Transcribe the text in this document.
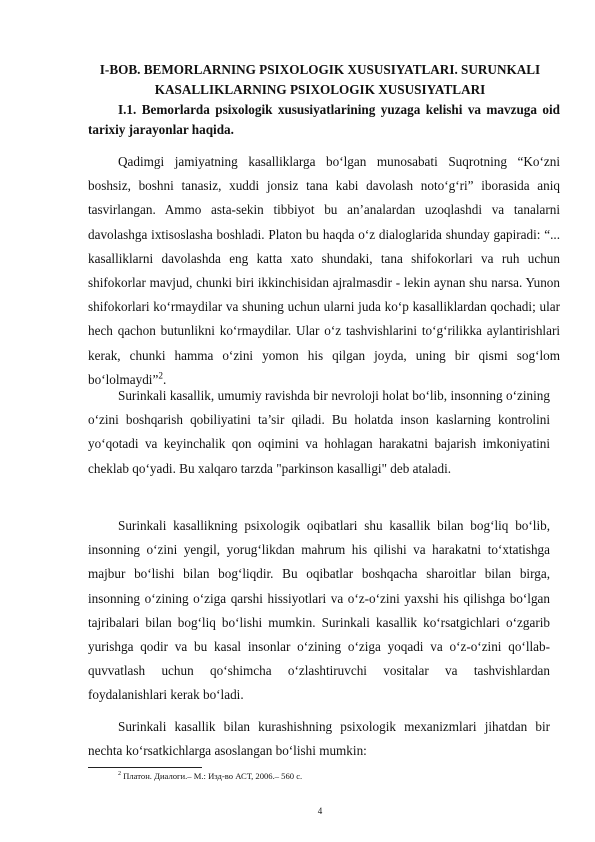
I-BOB. BEMORLARNING PSIXOLOGIK XUSUSIYATLARI. SURUNKALI KASALLIKLARNING PSIXOLOGIK XUSUSIYATLARI

I.1. Bemorlarda psixologik xususiyatlarining yuzaga kelishi va mavzuga oid tarixiy jarayonlar haqida.

Qadimgi jamiyatning kasalliklarga bo‘lgan munosabati Suqrotning “Ko‘zni boshsiz, boshni tanasiz, xuddi jonsiz tana kabi davolash noto‘g‘ri” iborasida aniq tasvirlangan. Ammo asta-sekin tibbiyot bu an’analardan uzoqlashdi va tanalarni davolashga ixtisoslasha boshladi. Platon bu haqda o‘z dialoglarida shunday gapiradi: “... kasalliklarni davolashda eng katta xato shundaki, tana shifokorlari va ruh uchun shifokorlar mavjud, chunki biri ikkinchisidan ajralmasdir - lekin aynan shu narsa. Yunon shifokorlari ko‘rmaydilar va shuning uchun ularni juda ko‘p kasalliklardan qochadi; ular hech qachon butunlikni ko‘rmaydilar. Ular o‘z tashvishlarini to‘g‘rilikka aylantirishlari kerak, chunki hamma o‘zini yomon his qilgan joyda, uning bir qismi sog‘lom bo‘lolmaydi”$^2$.

Surinkali kasallik, umumiy ravishda bir nevroloji holat bo‘lib, insonning o‘zining o‘zini boshqarish qobiliyatini ta’sir qiladi. Bu holatda inson kaslarning kontrolini yo‘qotadi va keyinchalik qon oqimini va hohlagan harakatni bajarish imkoniyatini cheklab qo‘yadi. Bu xalqaro tarzda "parkinson kasalligi" deb ataladi.

Surinkali kasallikning psixologik oqibatlari shu kasallik bilan bog‘liq bo‘lib, insonning o‘zini yengil, yorug‘likdan mahrum his qilishi va harakatni to‘xtatishga majbur bo‘lishi bilan bog‘liqdir. Bu oqibatlar boshqacha sharoitlar bilan birga, insonning o‘zining o‘ziga qarshi hissiyotlari va o‘z-o‘zini yaxshi his qilishga bo‘lgan tajribalari bilan bog‘liq bo‘lishi mumkin. Surinkali kasallik ko‘rsatgichlari o‘zgarib yurishga qodir va bu kasal insonlar o‘zining o‘ziga yoqadi va o‘z-o‘zini qo‘llab-quvvatlash uchun qo‘shimcha o‘zlashtiruvchi vositalar va tashvishlardan foydalanishlari kerak bo‘ladi.

Surinkali kasallik bilan kurashishning psixologik mexanizmlari jihatdan bir nechta ko‘rsatkichlarga asoslangan bo‘lishi mumkin:

$^2$ Платон. Диалоги.– М.: Изд-во АСТ, 2006.– 560 с.

4
